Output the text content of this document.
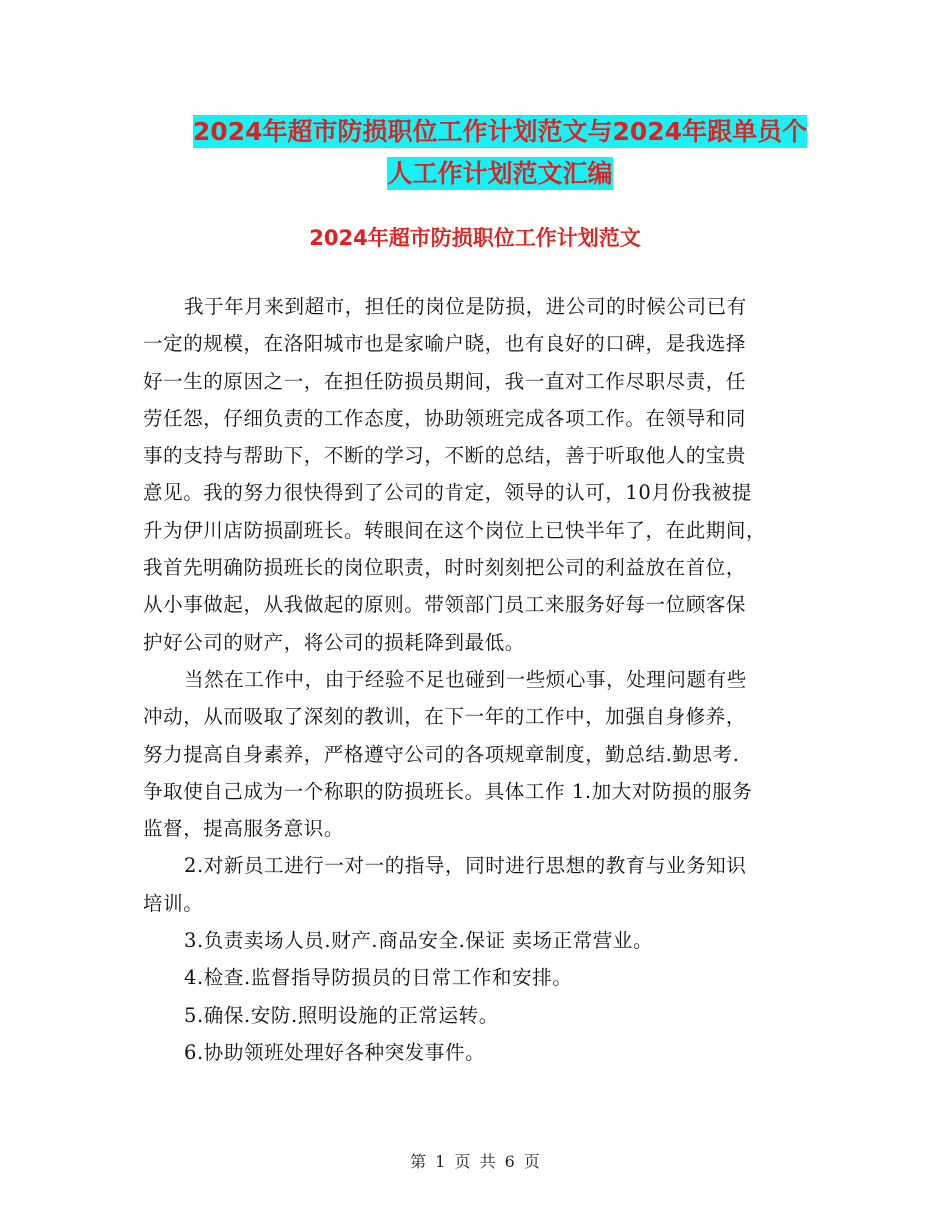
2024年超市防损职位工作计划范文与2024年跟单员个
人工作计划范文汇编
2024年超市防损职位工作计划范文

我于年月来到超市，担任的岗位是防损，进公司的时候公司已有
一定的规模，在洛阳城市也是家喻户晓，也有良好的口碑，是我选择
好一生的原因之一，在担任防损员期间，我一直对工作尽职尽责，任
劳任怨，仔细负责的工作态度，协助领班完成各项工作。在领导和同
事的支持与帮助下，不断的学习，不断的总结，善于听取他人的宝贵
意见。我的努力很快得到了公司的肯定，领导的认可，10月份我被提
升为伊川店防损副班长。转眼间在这个岗位上已快半年了，在此期间，
我首先明确防损班长的岗位职责，时时刻刻把公司的利益放在首位，
从小事做起，从我做起的原则。带领部门员工来服务好每一位顾客保
护好公司的财产，将公司的损耗降到最低。

当然在工作中，由于经验不足也碰到一些烦心事，处理问题有些
冲动，从而吸取了深刻的教训，在下一年的工作中，加强自身修养，
努力提高自身素养，严格遵守公司的各项规章制度，勤总结.勤思考.
争取使自己成为一个称职的防损班长。具体工作 1.加大对防损的服务
监督，提高服务意识。

2.对新员工进行一对一的指导，同时进行思想的教育与业务知识
培训。

3.负责卖场人员.财产.商品安全.保证 卖场正常营业。

4.检查.监督指导防损员的日常工作和安排。

5.确保.安防.照明设施的正常运转。

6.协助领班处理好各种突发事件。

第 1 页 共 6 页
